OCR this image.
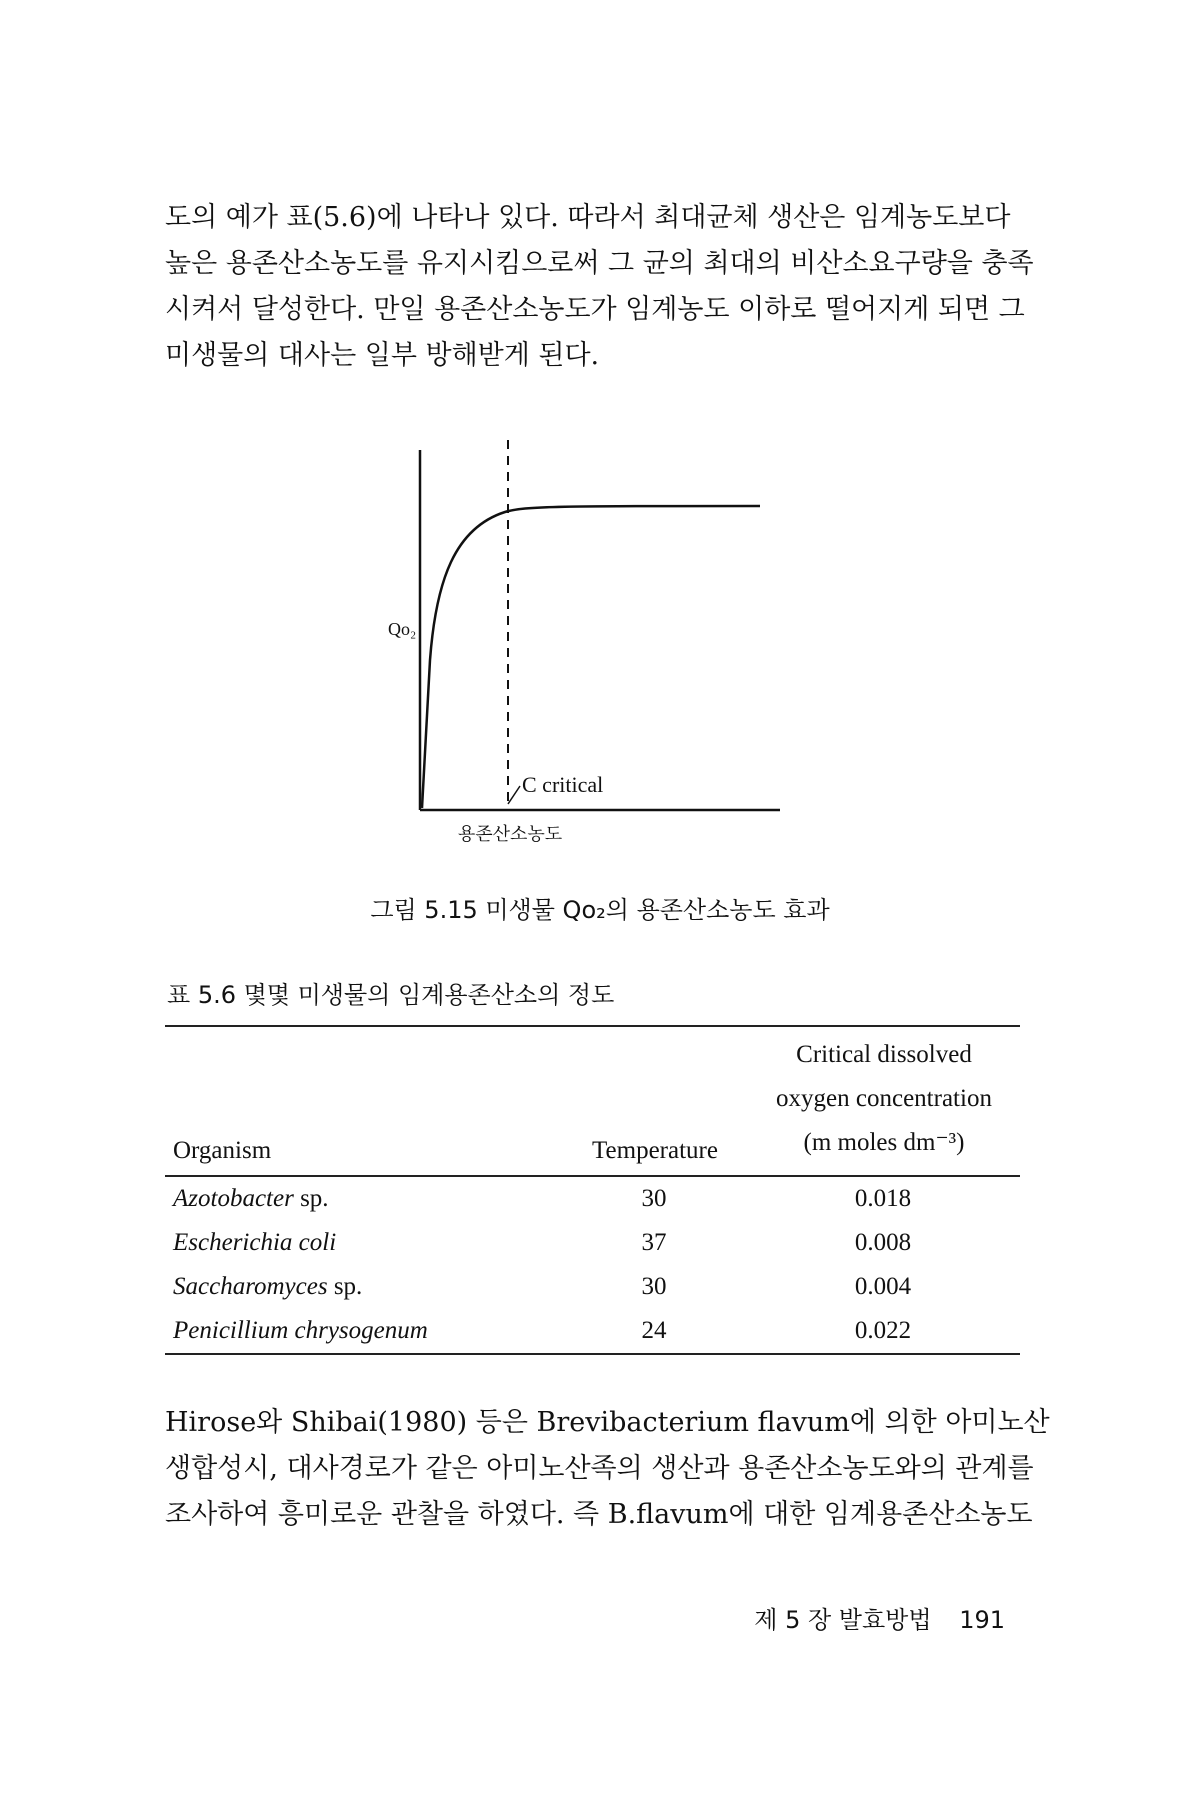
도의 예가 표(5.6)에 나타나 있다. 따라서 최대균체 생산은 임계농도보다
높은 용존산소농도를 유지시킴으로써 그 균의 최대의 비산소요구량을 충족
시켜서 달성한다. 만일 용존산소농도가 임계농도 이하로 떨어지게 되면 그
미생물의 대사는 일부 방해받게 된다.
C critical
Qo₂
용존산소농도
그림 5.15 미생물 Qo₂의 용존산소농도 효과
표 5.6 몇몇 미생물의 임계용존산소의 정도
Organism	Temperature	Critical dissolved
oxygen concentration
(m moles dm⁻³)
Azotobacter sp.	30	0.018
Escherichia coli	37	0.008
Saccharomyces sp.	30	0.004
Penicillium chrysogenum	24	0.022
Hirose와 Shibai(1980) 등은 Brevibacterium flavum에 의한 아미노산
생합성시, 대사경로가 같은 아미노산족의 생산과 용존산소농도와의 관계를
조사하여 흥미로운 관찰을 하였다. 즉 B.flavum에 대한 임계용존산소농도
제 5 장 발효방법 191
